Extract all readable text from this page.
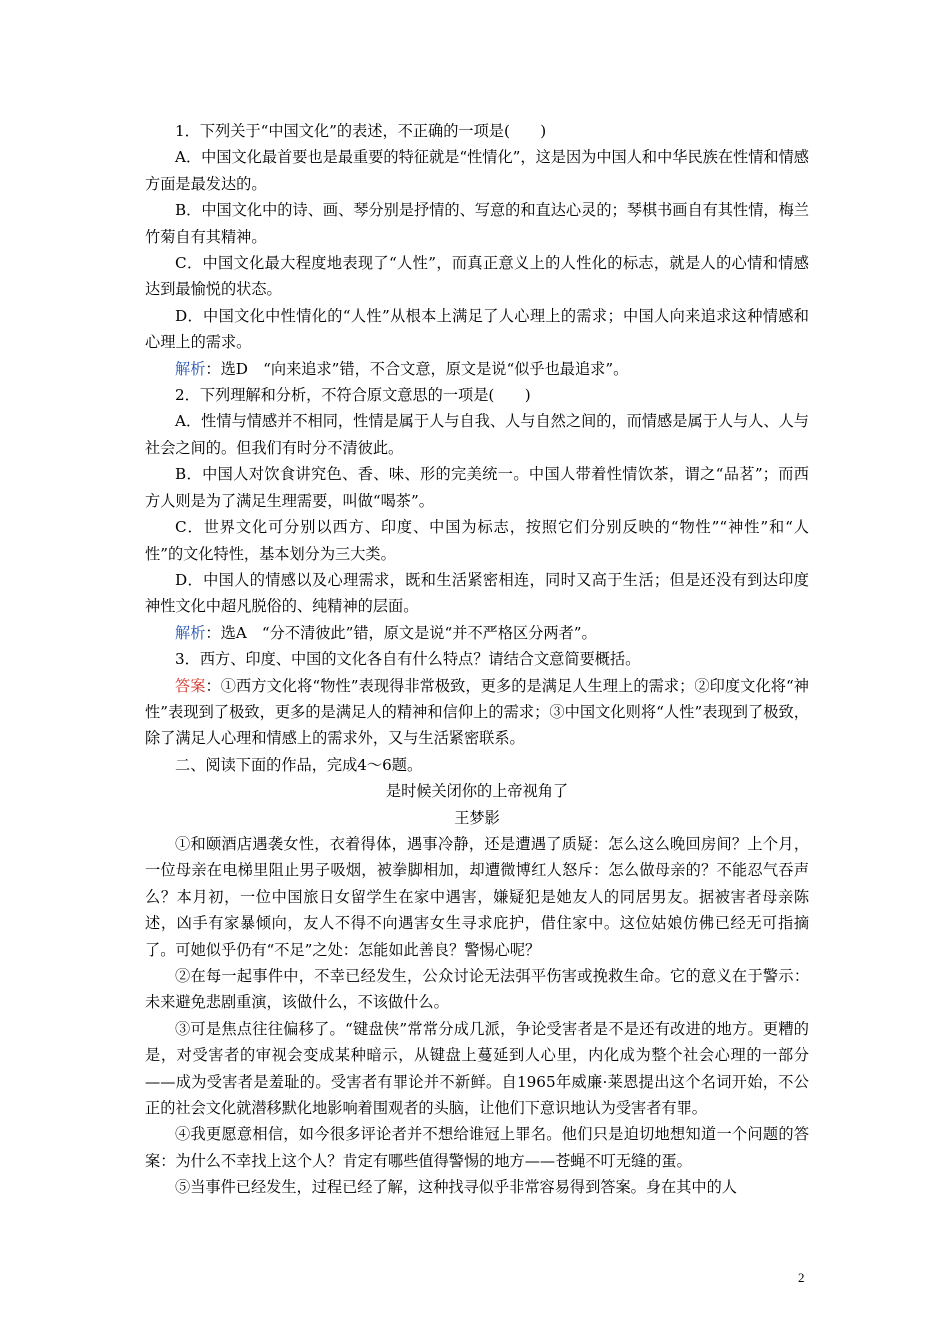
1．下列关于“中国文化”的表述，不正确的一项是(　　)

A．中国文化最首要也是最重要的特征就是“性情化”，这是因为中国人和中华民族在性情和情感方面是最发达的。

B．中国文化中的诗、画、琴分别是抒情的、写意的和直达心灵的；琴棋书画自有其性情，梅兰竹菊自有其精神。

C．中国文化最大程度地表现了“人性”，而真正意义上的人性化的标志，就是人的心情和情感达到最愉悦的状态。

D．中国文化中性情化的“人性”从根本上满足了人心理上的需求；中国人向来追求这种情感和心理上的需求。

解析：选D　“向来追求”错，不合文意，原文是说“似乎也最追求”。

2．下列理解和分析，不符合原文意思的一项是(　　)

A．性情与情感并不相同，性情是属于人与自我、人与自然之间的，而情感是属于人与人、人与社会之间的。但我们有时分不清彼此。

B．中国人对饮食讲究色、香、味、形的完美统一。中国人带着性情饮茶，谓之“品茗”；而西方人则是为了满足生理需要，叫做“喝茶”。

C．世界文化可分别以西方、印度、中国为标志，按照它们分别反映的“物性”“神性”和“人性”的文化特性，基本划分为三大类。

D．中国人的情感以及心理需求，既和生活紧密相连，同时又高于生活；但是还没有到达印度神性文化中超凡脱俗的、纯精神的层面。

解析：选A　“分不清彼此”错，原文是说“并不严格区分两者”。

3．西方、印度、中国的文化各自有什么特点？请结合文意简要概括。

答案：①西方文化将“物性”表现得非常极致，更多的是满足人生理上的需求；②印度文化将“神性”表现到了极致，更多的是满足人的精神和信仰上的需求；③中国文化则将“人性”表现到了极致，除了满足人心理和情感上的需求外，又与生活紧密联系。

二、阅读下面的作品，完成4～6题。

是时候关闭你的上帝视角了

王梦影

①和颐酒店遇袭女性，衣着得体，遇事冷静，还是遭遇了质疑：怎么这么晚回房间？上个月，一位母亲在电梯里阻止男子吸烟，被拳脚相加，却遭微博红人怒斥：怎么做母亲的？不能忍气吞声么？本月初，一位中国旅日女留学生在家中遇害，嫌疑犯是她友人的同居男友。据被害者母亲陈述，凶手有家暴倾向，友人不得不向遇害女生寻求庇护，借住家中。这位姑娘仿佛已经无可指摘了。可她似乎仍有“不足”之处：怎能如此善良？警惕心呢？

②在每一起事件中，不幸已经发生，公众讨论无法弭平伤害或挽救生命。它的意义在于警示：未来避免悲剧重演，该做什么，不该做什么。

③可是焦点往往偏移了。“键盘侠”常常分成几派，争论受害者是不是还有改进的地方。更糟的是，对受害者的审视会变成某种暗示，从键盘上蔓延到人心里，内化成为整个社会心理的一部分——成为受害者是羞耻的。受害者有罪论并不新鲜。自1965年威廉·莱恩提出这个名词开始，不公正的社会文化就潜移默化地影响着围观者的头脑，让他们下意识地认为受害者有罪。

④我更愿意相信，如今很多评论者并不想给谁冠上罪名。他们只是迫切地想知道一个问题的答案：为什么不幸找上这个人？肯定有哪些值得警惕的地方——苍蝇不叮无缝的蛋。

⑤当事件已经发生，过程已经了解，这种找寻似乎非常容易得到答案。身在其中的人

2
